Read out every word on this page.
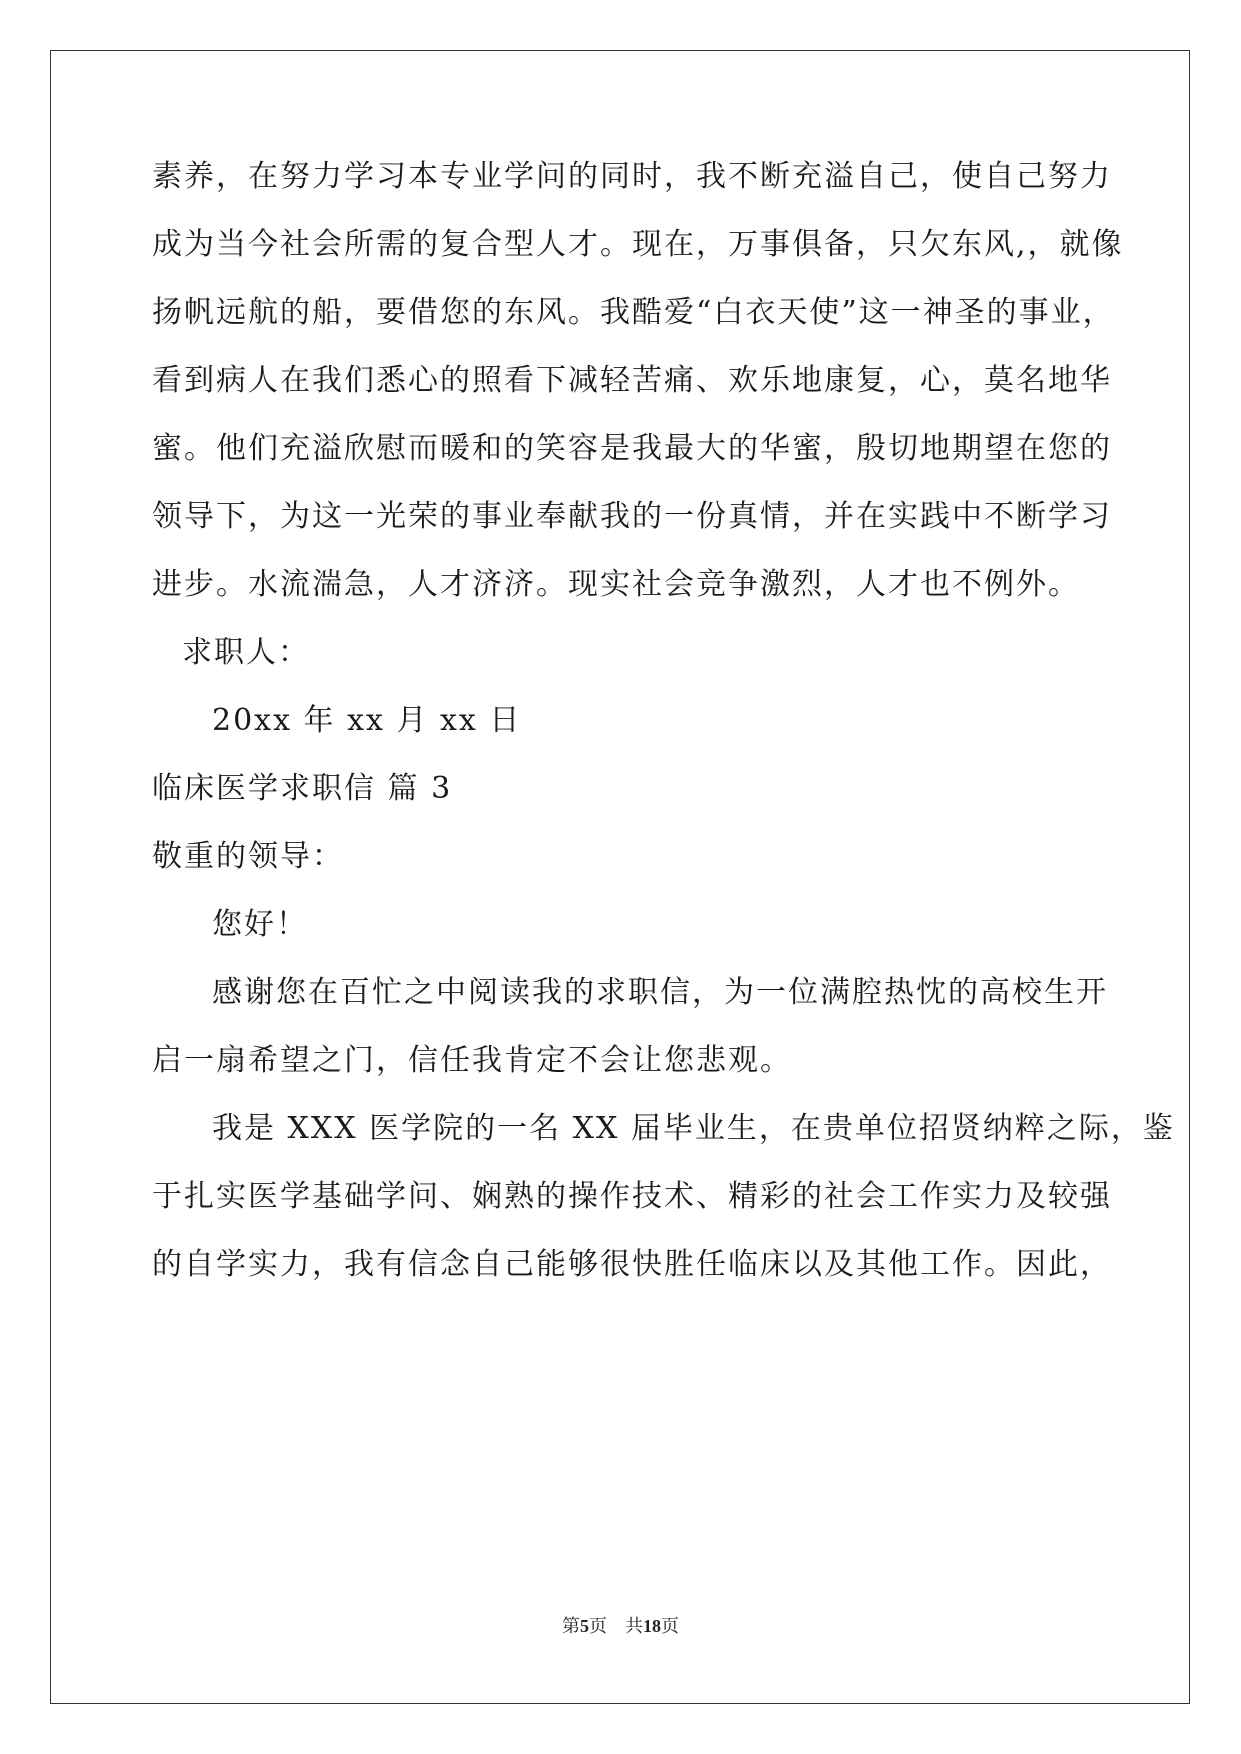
素养，在努力学习本专业学问的同时，我不断充溢自己，使自己努力
成为当今社会所需的复合型人才。现在，万事俱备，只欠东风,，就像
扬帆远航的船，要借您的东风。我酷爱“白衣天使”这一神圣的事业，
看到病人在我们悉心的照看下减轻苦痛、欢乐地康复，心，莫名地华
蜜。他们充溢欣慰而暖和的笑容是我最大的华蜜，殷切地期望在您的
领导下，为这一光荣的事业奉献我的一份真情，并在实践中不断学习
进步。水流湍急，人才济济。现实社会竞争激烈，人才也不例外。
求职人：
20xx 年 xx 月 xx 日
临床医学求职信 篇 3
敬重的领导：
您好！
感谢您在百忙之中阅读我的求职信，为一位满腔热忱的高校生开
启一扇希望之门，信任我肯定不会让您悲观。
我是 XXX 医学院的一名 XX 届毕业生，在贵单位招贤纳粹之际，鉴
于扎实医学基础学问、娴熟的操作技术、精彩的社会工作实力及较强
的自学实力，我有信念自己能够很快胜任临床以及其他工作。因此，
第5页 共18页
